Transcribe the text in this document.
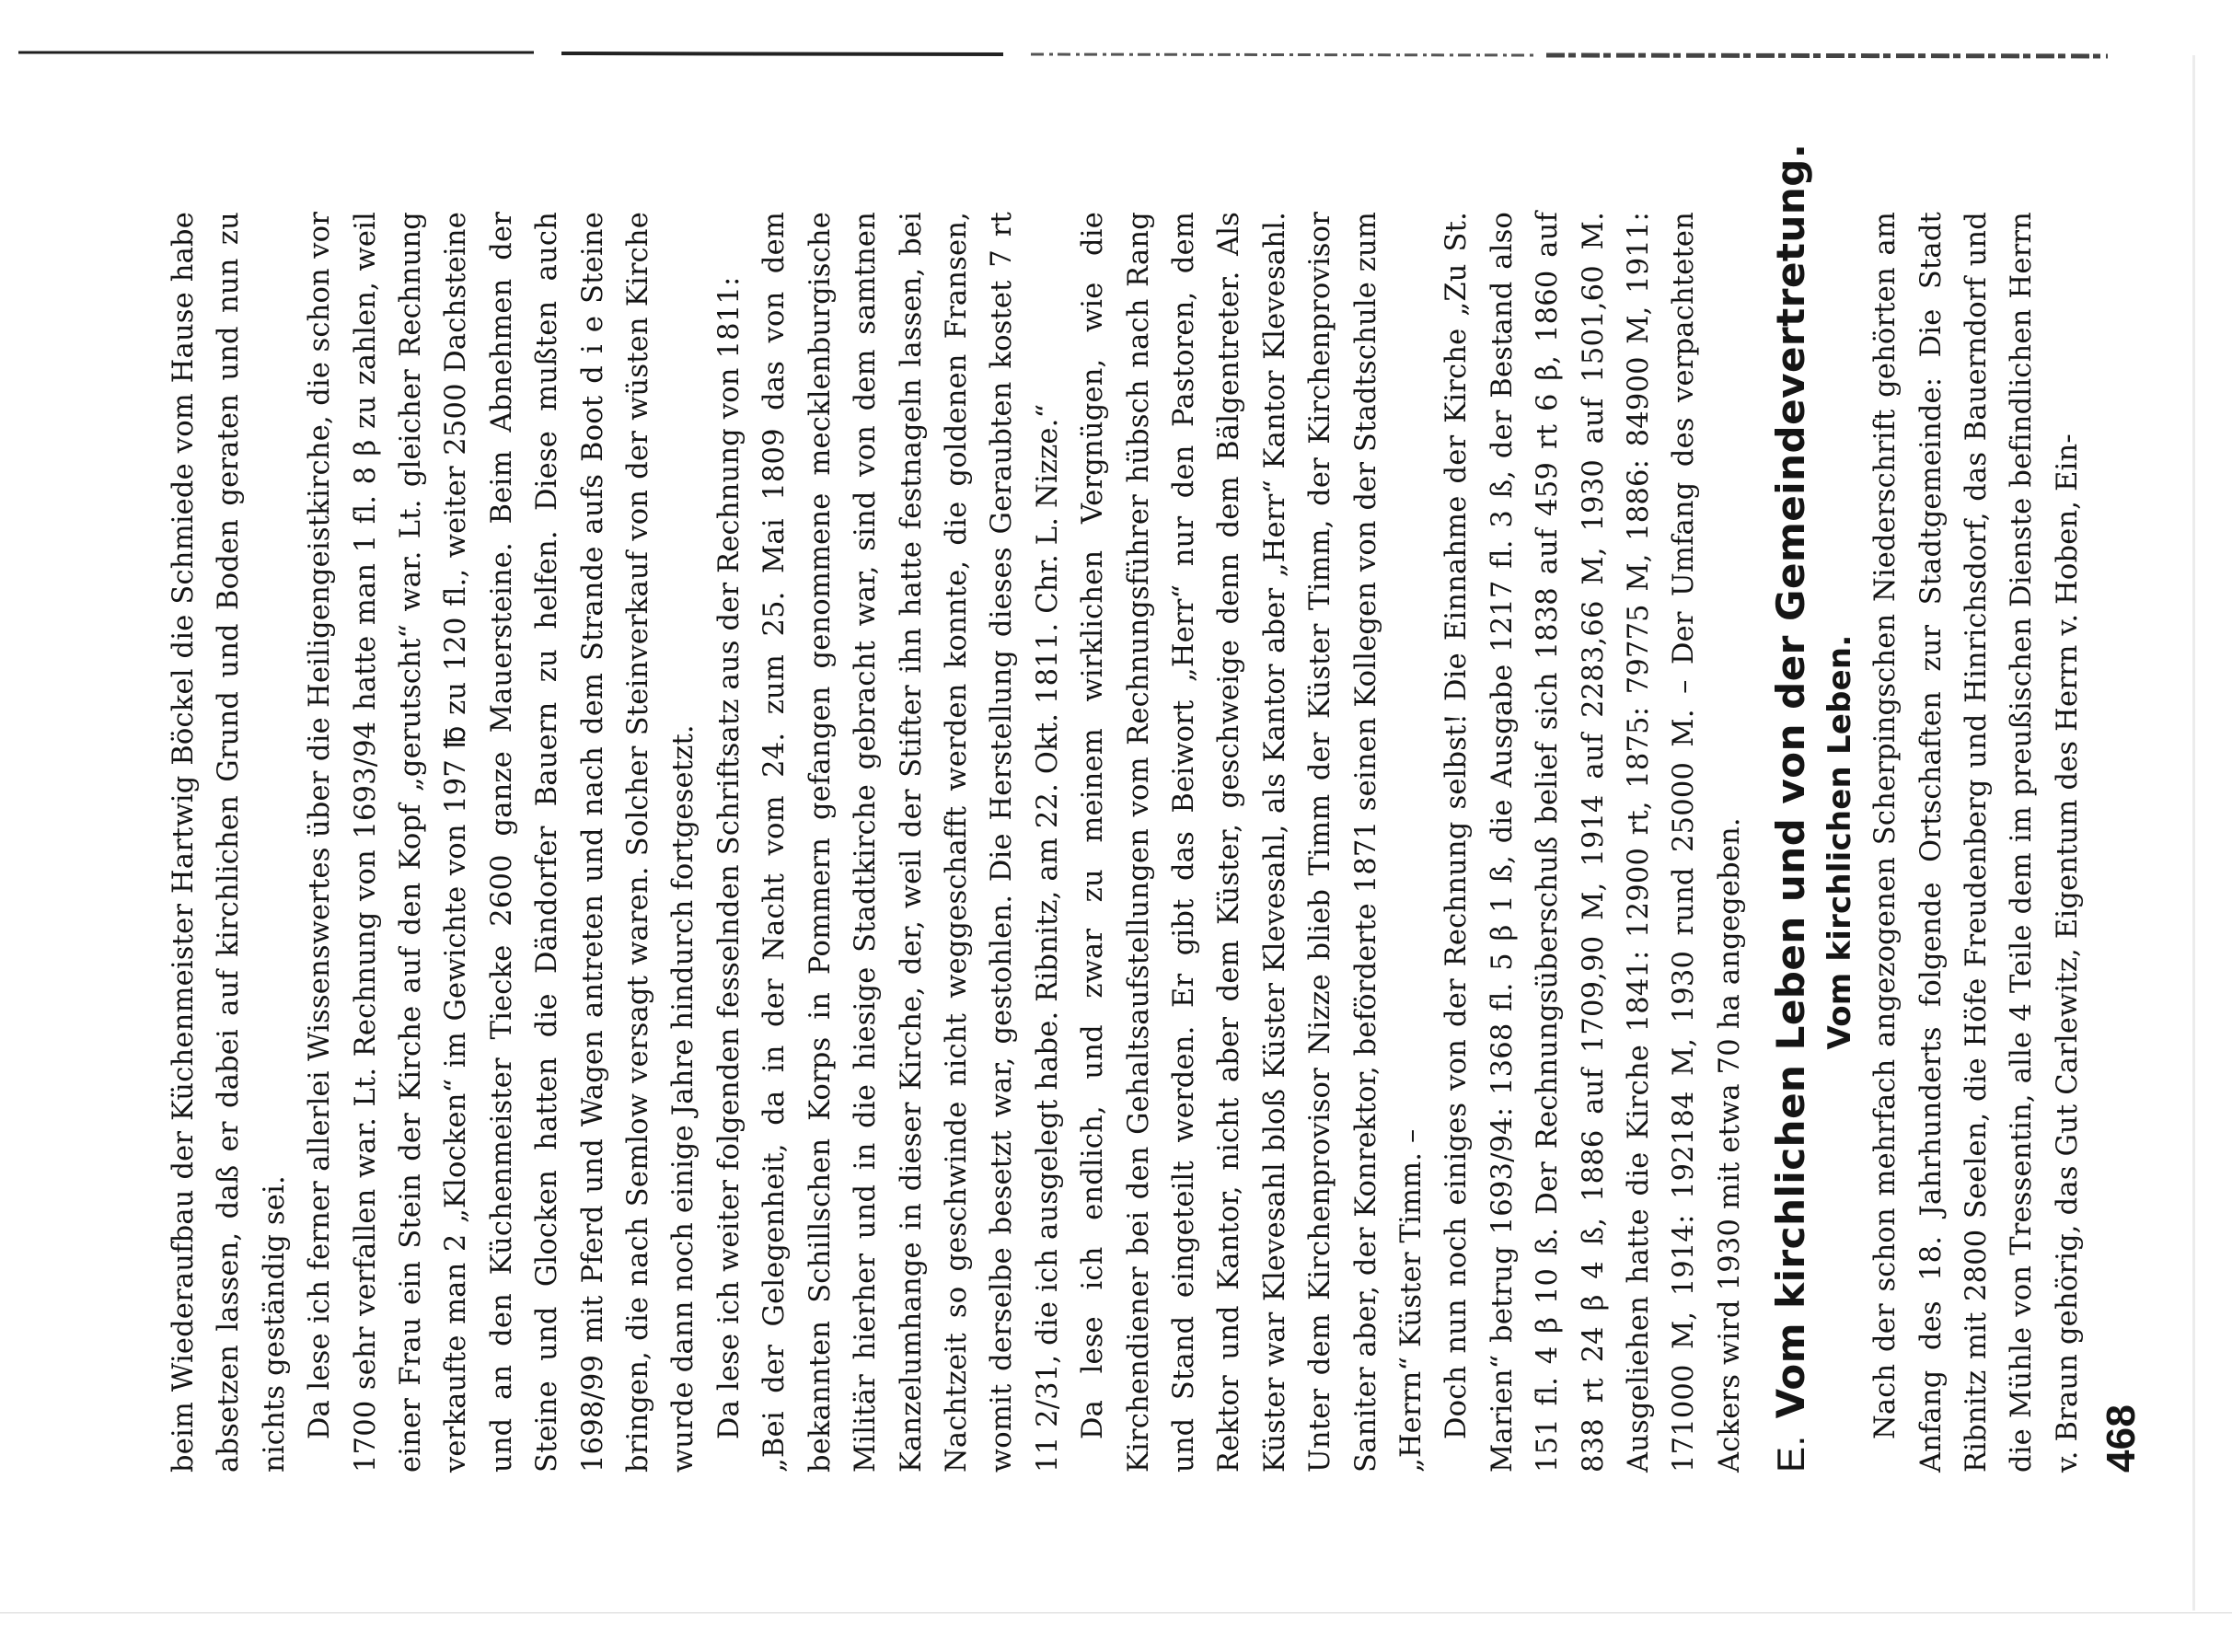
beim Wiederaufbau der Küchenmeister Hartwig Böckel die Schmiede vom Hause habe absetzen lassen, daß er dabei auf kirchlichen Grund und Boden geraten und nun zu nichts geständig sei. Da lese ich ferner allerlei Wissenswertes über die Heiligengeistkirche, die schon vor 1700 sehr verfallen war. Lt. Rechnung von 1693/94 hatte man 1 fl. 8 β zu zahlen, weil einer Frau ein Stein der Kirche auf den Kopf „gerutscht“ war. Lt. gleicher Rechnung verkaufte man 2 „Klocken“ im Gewichte von 197 ℔ zu 120 fl., weiter 2500 Dachsteine und an den Küchenmeister Tiecke 2600 ganze Mauersteine. Beim Abnehmen der Steine und Glocken hatten die Dändorfer Bauern zu helfen. Diese mußten auch 1698/99 mit Pferd und Wagen antreten und nach dem Strande aufs Boot d i e Steine bringen, die nach Semlow versagt waren. Solcher Steinverkauf von der wüsten Kirche wurde dann noch einige Jahre hindurch fortgesetzt. Da lese ich weiter folgenden fesselnden Schriftsatz aus der Rechnung von 1811: „Bei der Gelegenheit, da in der Nacht vom 24. zum 25. Mai 1809 das von dem bekannten Schillschen Korps in Pommern gefangen genommene mecklenburgische Militär hierher und in die hiesige Stadtkirche gebracht war, sind von dem samtnen Kanzelumhange in dieser Kirche, der, weil der Stifter ihn hatte festnageln lassen, bei Nachtzeit so geschwinde nicht weggeschafft werden konnte, die goldenen Fransen, womit derselbe besetzt war, gestohlen. Die Herstellung dieses Geraubten kostet 7 rt 11 2/31, die ich ausgelegt habe. Ribnitz, am 22. Okt. 1811. Chr. L. Nizze.“ Da lese ich endlich, und zwar zu meinem wirklichen Vergnügen, wie die Kirchendiener bei den Gehaltsaufstellungen vom Rechnungsführer hübsch nach Rang und Stand eingeteilt werden. Er gibt das Beiwort „Herr“ nur den Pastoren, dem Rektor und Kantor, nicht aber dem Küster, geschweige denn dem Bälgentreter. Als Küster war Klevesahl bloß Küster Klevesahl, als Kantor aber „Herr“ Kantor Klevesahl. Unter dem Kirchenprovisor Nizze blieb Timm der Küster Timm, der Kirchenprovisor Saniter aber, der Konrektor, beförderte 1871 seinen Kollegen von der Stadtschule zum „Herrn“ Küster Timm. – Doch nun noch einiges von der Rechnung selbst! Die Einnahme der Kirche „Zu St. Marien“ betrug 1693/94: 1368 fl. 5 β 1 ß, die Ausgabe 1217 fl. 3 ß, der Bestand also 151 fl. 4 β 10 ß. Der Rechnungsüberschuß belief sich 1838 auf 459 rt 6 β, 1860 auf 838 rt 24 β 4 ß, 1886 auf 1709,90 M, 1914 auf 2283,66 M, 1930 auf 1501,60 M. Ausgeliehen hatte die Kirche 1841: 12900 rt, 1875: 79775 M, 1886: 84900 M, 1911: 171000 M, 1914: 192184 M, 1930 rund 25000 M. – Der Umfang des verpachteten Ackers wird 1930 mit etwa 70 ha angegeben. E.Vom kirchlichen Leben und von der Gemeindevertretung. Vom kirchlichen Leben. Nach der schon mehrfach angezogenen Scherpingschen Niederschrift gehörten am Anfang des 18. Jahrhunderts folgende Ortschaften zur Stadtgemeinde: Die Stadt Ribnitz mit 2800 Seelen, die Höfe Freudenberg und Hinrichsdorf, das Bauerndorf und die Mühle von Tressentin, alle 4 Teile dem im preußischen Dienste befindlichen Herrn v. Braun gehörig, das Gut Carlewitz, Eigentum des Herrn v. Hoben, Ein- 468
